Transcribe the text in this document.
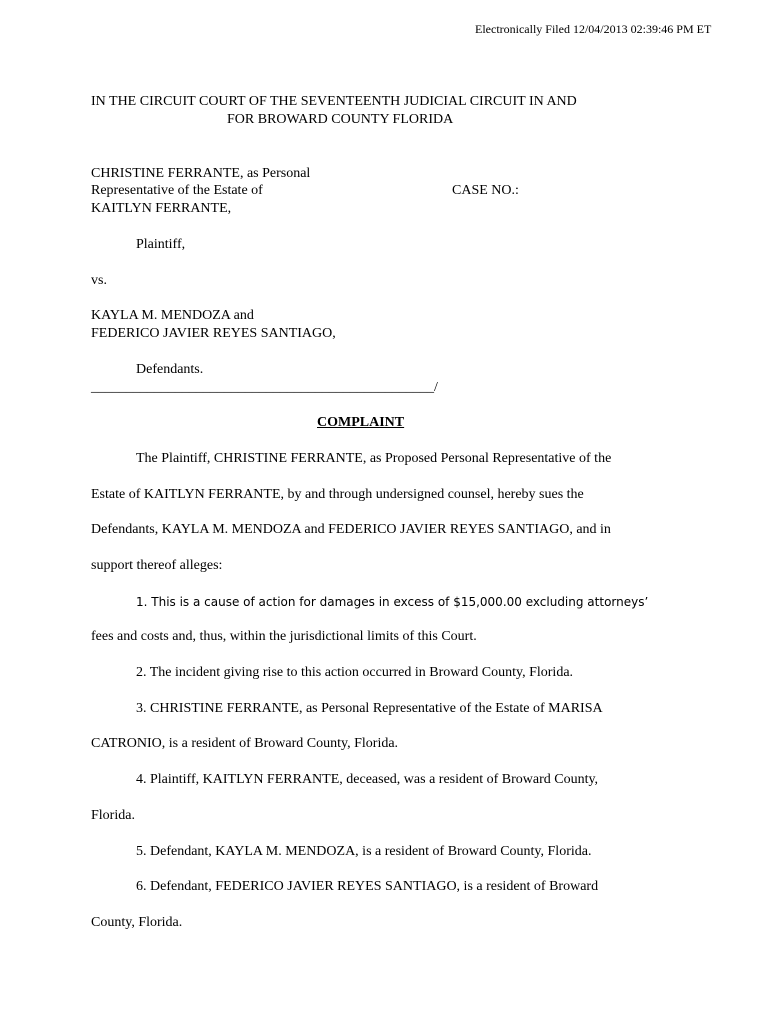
Electronically Filed 12/04/2013 02:39:46 PM ET
IN THE CIRCUIT COURT OF THE SEVENTEENTH JUDICIAL CIRCUIT IN AND
FOR BROWARD COUNTY FLORIDA
CHRISTINE FERRANTE, as Personal
Representative of the Estate of
KAITLYN FERRANTE,
CASE NO.:
Plaintiff,
vs.
KAYLA M. MENDOZA and
FEDERICO JAVIER REYES SANTIAGO,
Defendants.
_________________________________________________/
COMPLAINT
The Plaintiff, CHRISTINE FERRANTE, as Proposed Personal Representative of the
Estate of KAITLYN FERRANTE, by and through undersigned counsel, hereby sues the
Defendants, KAYLA M. MENDOZA and FEDERICO JAVIER REYES SANTIAGO, and in
support thereof alleges:
1. This is a cause of action for damages in excess of $15,000.00 excluding attorneys’
fees and costs and, thus, within the jurisdictional limits of this Court.
2. The incident giving rise to this action occurred in Broward County, Florida.
3. CHRISTINE FERRANTE, as Personal Representative of the Estate of MARISA
CATRONIO, is a resident of Broward County, Florida.
4. Plaintiff, KAITLYN FERRANTE, deceased, was a resident of Broward County,
Florida.
5. Defendant, KAYLA M. MENDOZA, is a resident of Broward County, Florida.
6. Defendant, FEDERICO JAVIER REYES SANTIAGO, is a resident of Broward
County, Florida.
